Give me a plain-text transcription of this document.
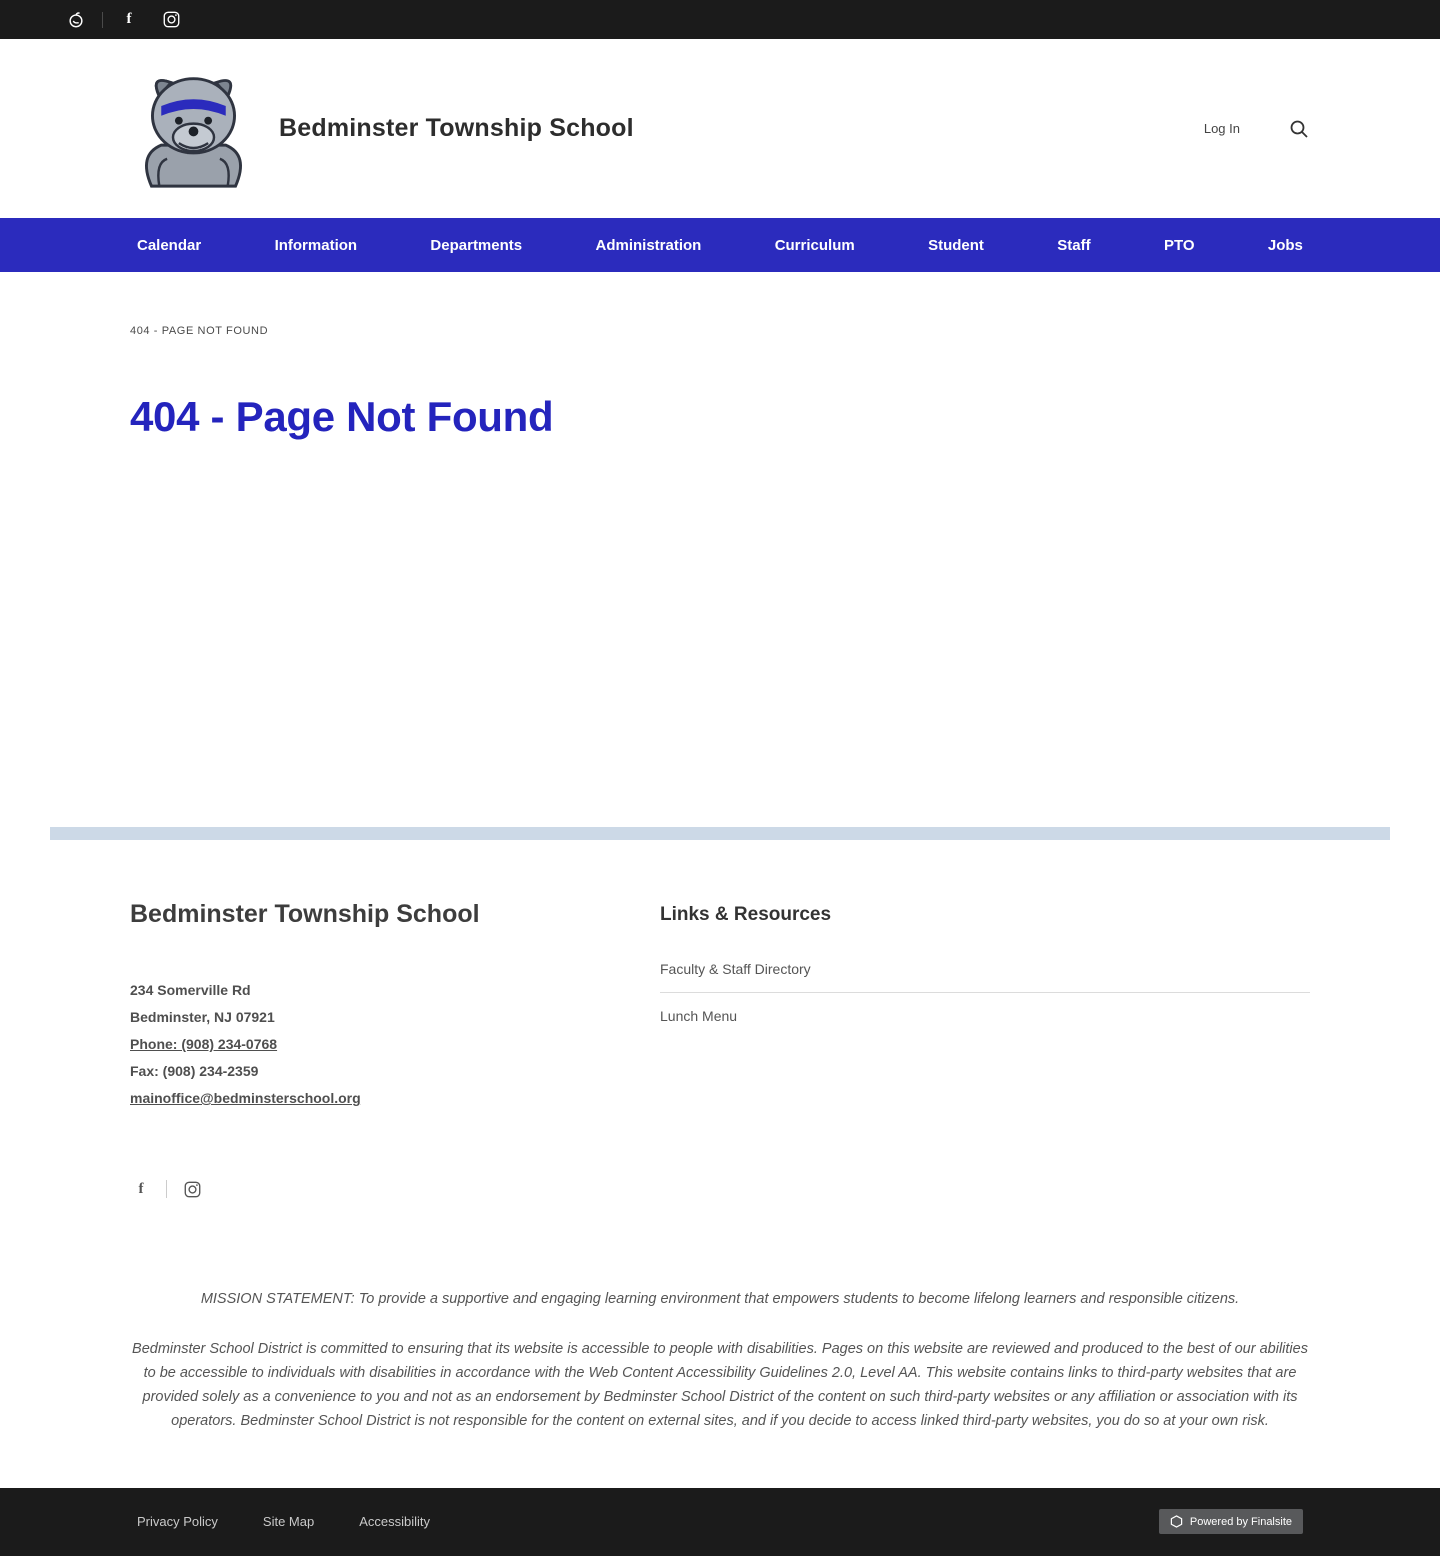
f
Bedminster Township School	Log In
Calendar	Information	Departments	Administration	Curriculum	Student	Staff	PTO	Jobs
404 - PAGE NOT FOUND
404 - Page Not Found
Bedminster Township School
234 Somerville Rd
Bedminster, NJ 07921
Phone: (908) 234-0768
Fax: (908) 234-2359
mainoffice@bedminsterschool.org
f
Links & Resources
Faculty & Staff Directory
Lunch Menu

MISSION STATEMENT: To provide a supportive and engaging learning environment that empowers students to become lifelong learners and responsible citizens.

Bedminster School District is committed to ensuring that its website is accessible to people with disabilities. Pages on this website are reviewed and produced to the best of our abilities to be accessible to individuals with disabilities in accordance with the Web Content Accessibility Guidelines 2.0, Level AA. This website contains links to third-party websites that are provided solely as a convenience to you and not as an endorsement by Bedminster School District of the content on such third-party websites or any affiliation or association with its operators. Bedminster School District is not responsible for the content on external sites, and if you decide to access linked third-party websites, you do so at your own risk.

Privacy Policy	Site Map	Accessibility	Powered by Finalsite
